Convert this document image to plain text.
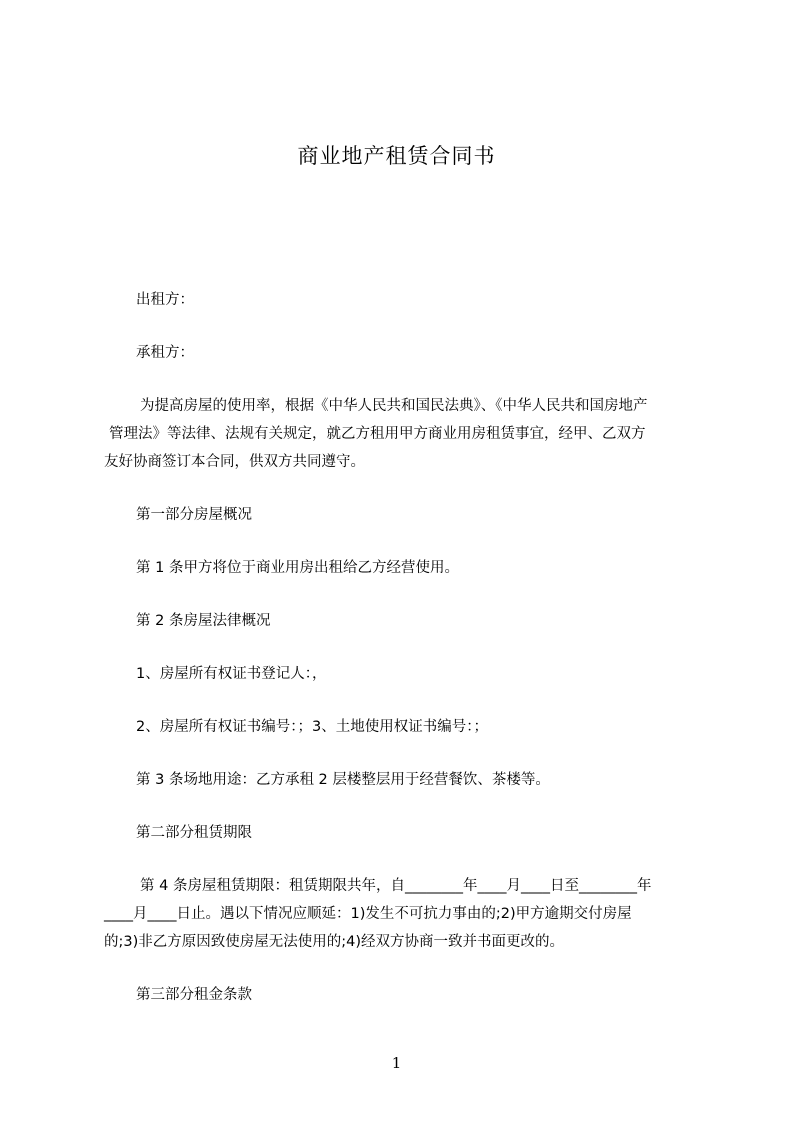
商业地产租赁合同书
出租方：
承租方：
为提高房屋的使用率，根据《中华人民共和国民法典》、《中华人民共和国房地产
管理法》等法律、法规有关规定，就乙方租用甲方商业用房租赁事宜，经甲、乙双方
友好协商签订本合同，供双方共同遵守。
第一部分房屋概况
第 1 条甲方将位于商业用房出租给乙方经营使用。
第 2 条房屋法律概况
1、房屋所有权证书登记人：，
2、房屋所有权证书编号：；3、土地使用权证书编号：；
第 3 条场地用途：乙方承租 2 层楼整层用于经营餐饮、茶楼等。
第二部分租赁期限
第 4 条房屋租赁期限：租赁期限共年，自________年____月____日至________年
____月____日止。遇以下情况应顺延：1)发生不可抗力事由的;2)甲方逾期交付房屋
的;3)非乙方原因致使房屋无法使用的;4)经双方协商一致并书面更改的。
第三部分租金条款
1
